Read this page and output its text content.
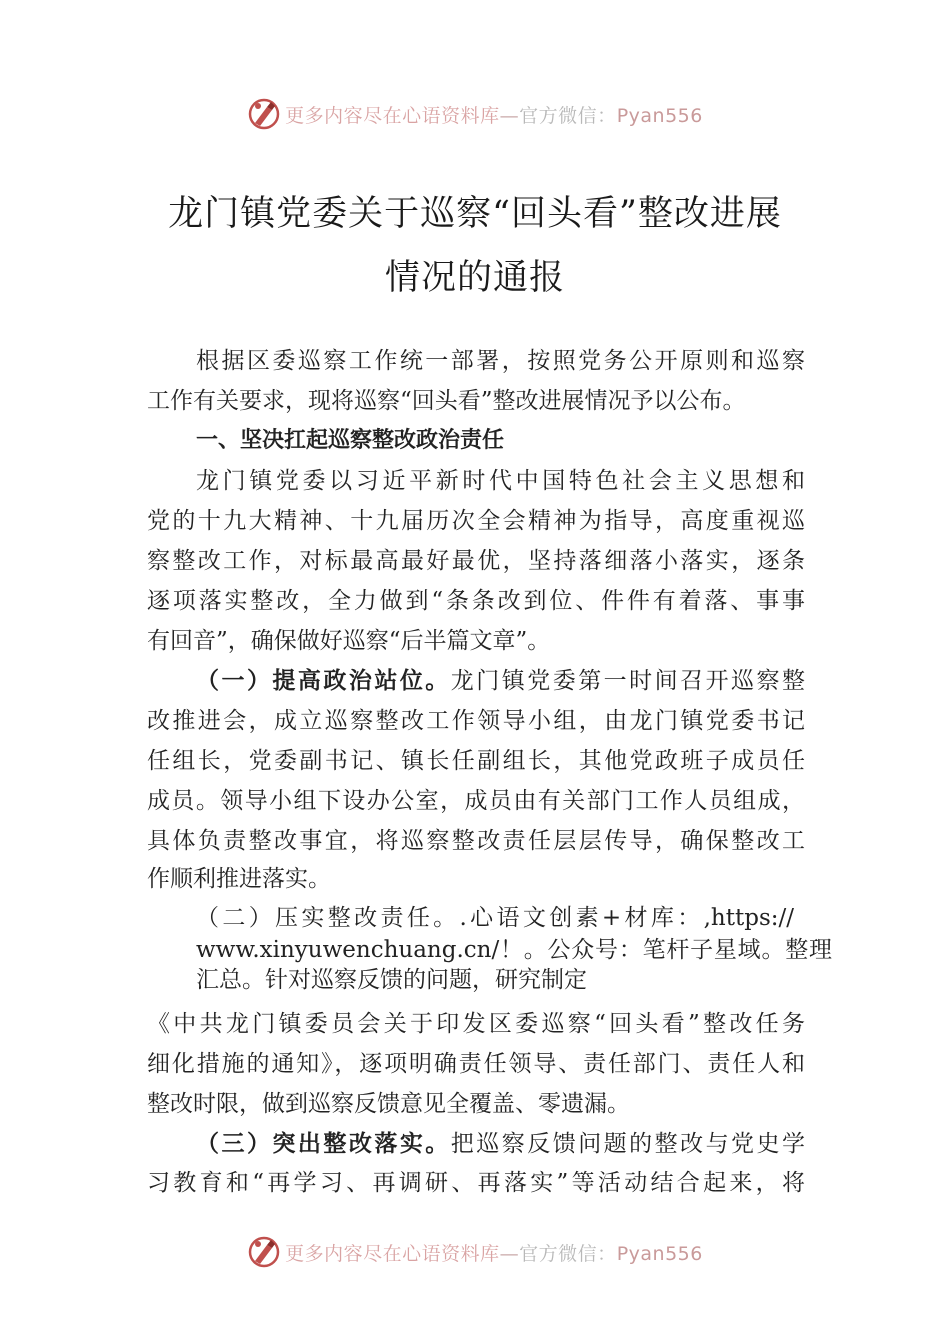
更多内容尽在心语资料库—官方微信：Pyan556
龙门镇党委关于巡察“回头看”整改进展
情况的通报
根据区委巡察工作统一部署，按照党务公开原则和巡察
工作有关要求，现将巡察“回头看”整改进展情况予以公布。
一、坚决扛起巡察整改政治责任
龙门镇党委以习近平新时代中国特色社会主义思想和
党的十九大精神、十九届历次全会精神为指导，高度重视巡
察整改工作，对标最高最好最优，坚持落细落小落实，逐条
逐项落实整改，全力做到“条条改到位、件件有着落、事事
有回音”，确保做好巡察“后半篇文章”。
（一）提高政治站位。龙门镇党委第一时间召开巡察整
改推进会，成立巡察整改工作领导小组，由龙门镇党委书记
任组长，党委副书记、镇长任副组长，其他党政班子成员任
成员。领导小组下设办公室，成员由有关部门工作人员组成，
具体负责整改事宜，将巡察整改责任层层传导，确保整改工
作顺利推进落实。
（二）压实整改责任。.心语文创素+材库：,https://
www.xinyuwenchuang.cn/！。公众号：笔杆子星域。整理
汇总。针对巡察反馈的问题，研究制定
《中共龙门镇委员会关于印发区委巡察“回头看”整改任务
细化措施的通知》，逐项明确责任领导、责任部门、责任人和
整改时限，做到巡察反馈意见全覆盖、零遗漏。
（三）突出整改落实。把巡察反馈问题的整改与党史学
习教育和“再学习、再调研、再落实”等活动结合起来，将
更多内容尽在心语资料库—官方微信：Pyan556
